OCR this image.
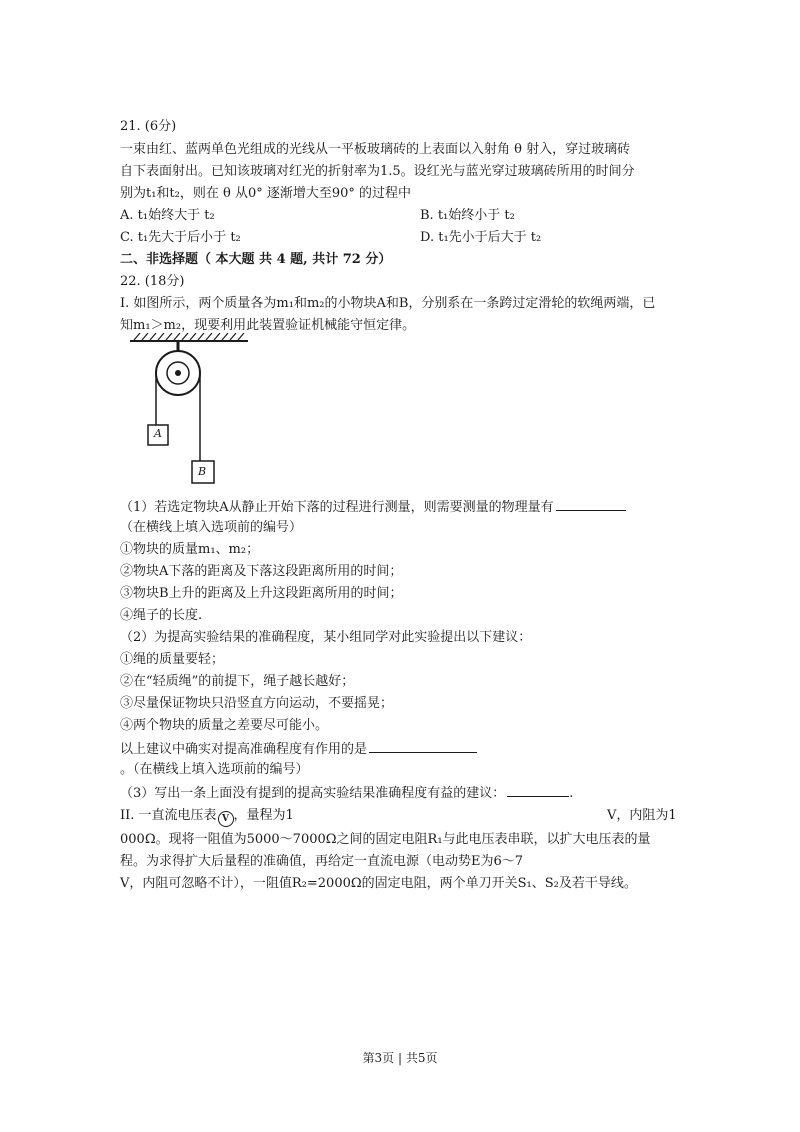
21. (6分)
一束由红、蓝两单色光组成的光线从一平板玻璃砖的上表面以入射角 θ 射入，穿过玻璃砖
自下表面射出。已知该玻璃对红光的折射率为1.5。设红光与蓝光穿过玻璃砖所用的时间分
别为t₁和t₂，则在 θ 从0° 逐渐增大至90° 的过程中
A. t₁始终大于 t₂	B. t₁始终小于 t₂
C. t₁先大于后小于 t₂	D. t₁先小于后大于 t₂
二、非选择题（ 本大题 共 4 题, 共计 72 分）
22. (18分)
I. 如图所示，两个质量各为m₁和m₂的小物块A和B，分别系在一条跨过定滑轮的软绳两端，已
知m₁＞m₂，现要利用此装置验证机械能守恒定律。
A
B
（1）若选定物块A从静止开始下落的过程进行测量，则需要测量的物理量有
（在横线上填入选项前的编号）
①物块的质量m₁、m₂；
②物块A下落的距离及下落这段距离所用的时间；
③物块B上升的距离及上升这段距离所用的时间；
④绳子的长度.
（2）为提高实验结果的准确程度，某小组同学对此实验提出以下建议：
①绳的质量要轻；
②在“轻质绳”的前提下，绳子越长越好；
③尽量保证物块只沿竖直方向运动，不要摇晃；
④两个物块的质量之差要尽可能小。
以上建议中确实对提高准确程度有作用的是
。（在横线上填入选项前的编号）
（3）写出一条上面没有提到的提高实验结果准确程度有益的建议：	.
II. 一直流电压表 V ，量程为1	V，内阻为1
000Ω。现将一阻值为5000～7000Ω之间的固定电阻R₁与此电压表串联，以扩大电压表的量
程。为求得扩大后量程的准确值，再给定一直流电源（电动势E为6～7
V，内阻可忽略不计），一阻值R₂=2000Ω的固定电阻，两个单刀开关S₁、S₂及若干导线。
第3页 | 共5页
